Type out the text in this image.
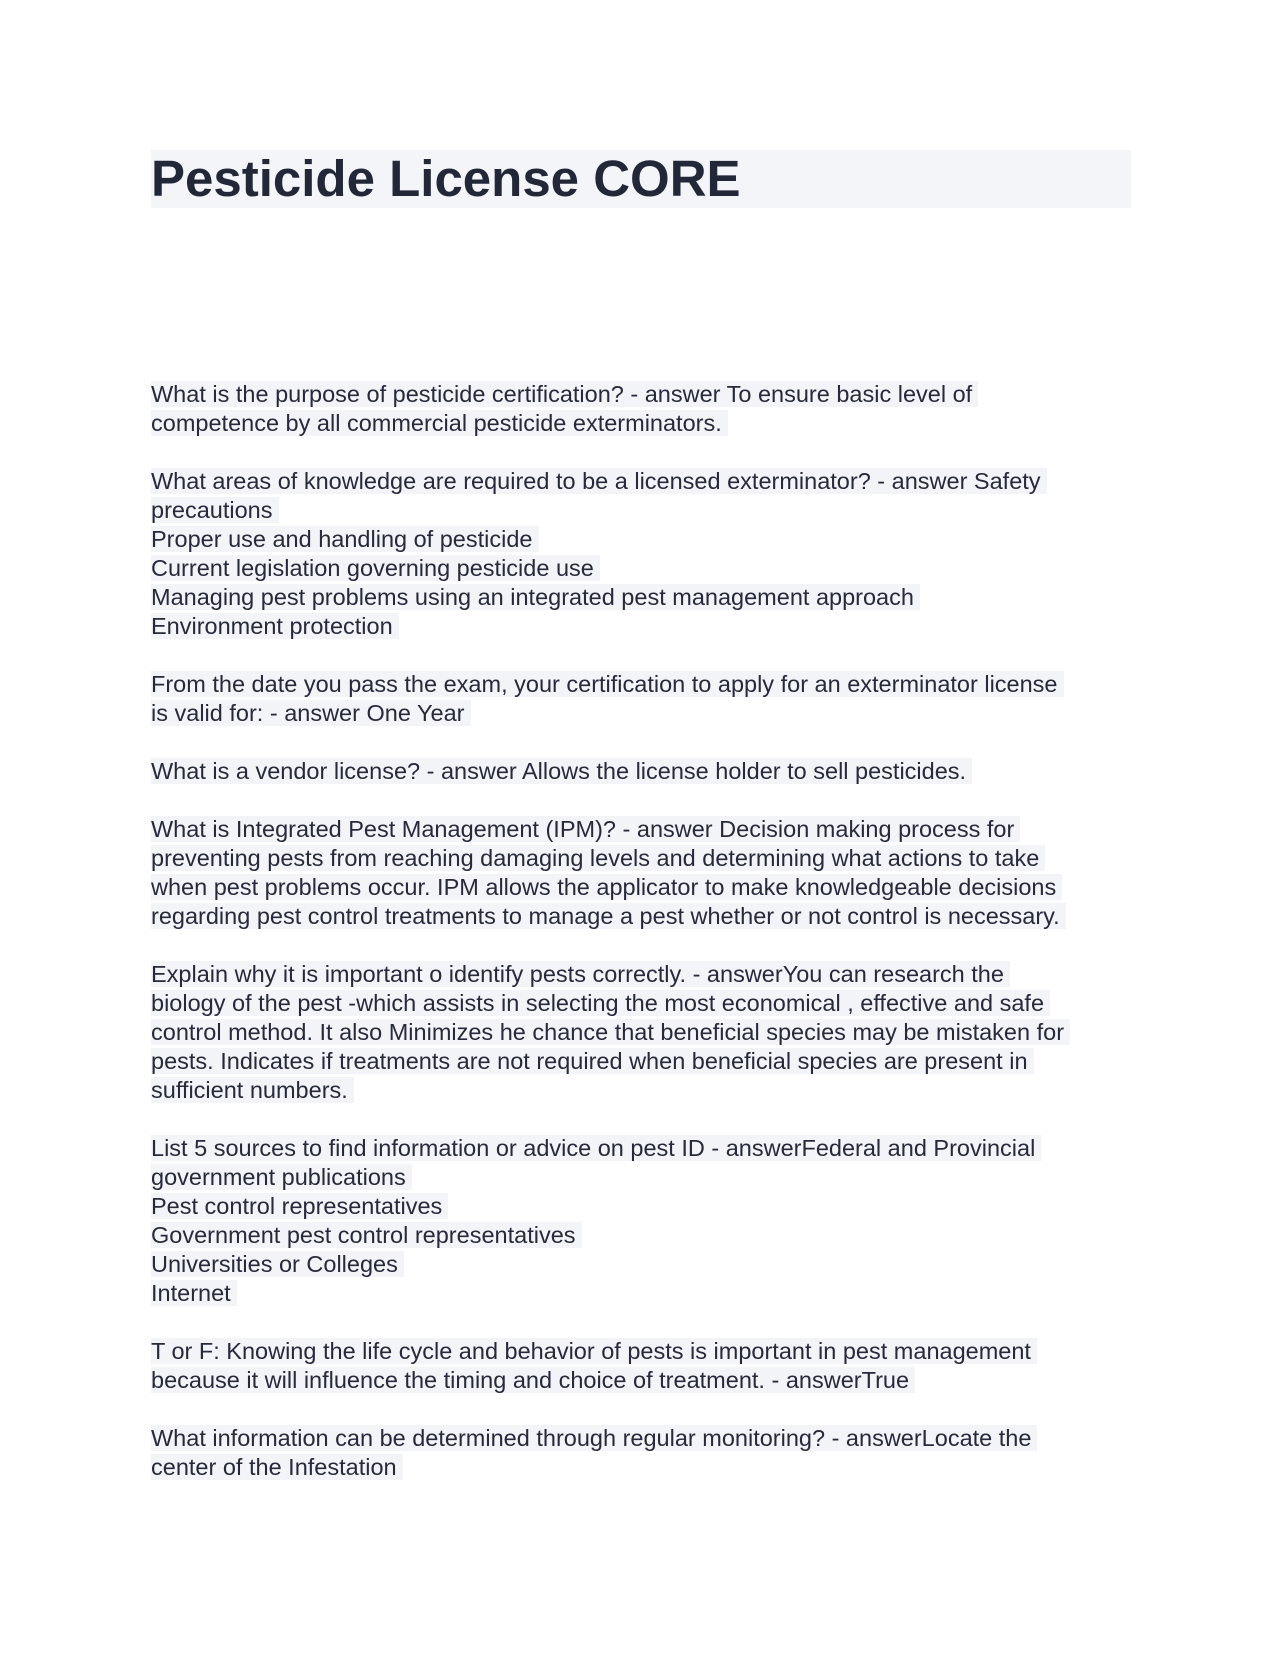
Pesticide License CORE
What is the purpose of pesticide certification? - answer To ensure basic level of
competence by all commercial pesticide exterminators.
What areas of knowledge are required to be a licensed exterminator? - answer Safety
precautions
Proper use and handling of pesticide
Current legislation governing pesticide use
Managing pest problems using an integrated pest management approach
Environment protection
From the date you pass the exam, your certification to apply for an exterminator license
is valid for: - answer One Year
What is a vendor license? - answer Allows the license holder to sell pesticides.
What is Integrated Pest Management (IPM)? - answer Decision making process for
preventing pests from reaching damaging levels and determining what actions to take
when pest problems occur. IPM allows the applicator to make knowledgeable decisions
regarding pest control treatments to manage a pest whether or not control is necessary.
Explain why it is important o identify pests correctly. - answerYou can research the
biology of the pest -which assists in selecting the most economical , effective and safe
control method. It also Minimizes he chance that beneficial species may be mistaken for
pests. Indicates if treatments are not required when beneficial species are present in
sufficient numbers.
List 5 sources to find information or advice on pest ID - answerFederal and Provincial
government publications
Pest control representatives
Government pest control representatives
Universities or Colleges
Internet
T or F: Knowing the life cycle and behavior of pests is important in pest management
because it will influence the timing and choice of treatment. - answerTrue
What information can be determined through regular monitoring? - answerLocate the
center of the Infestation
